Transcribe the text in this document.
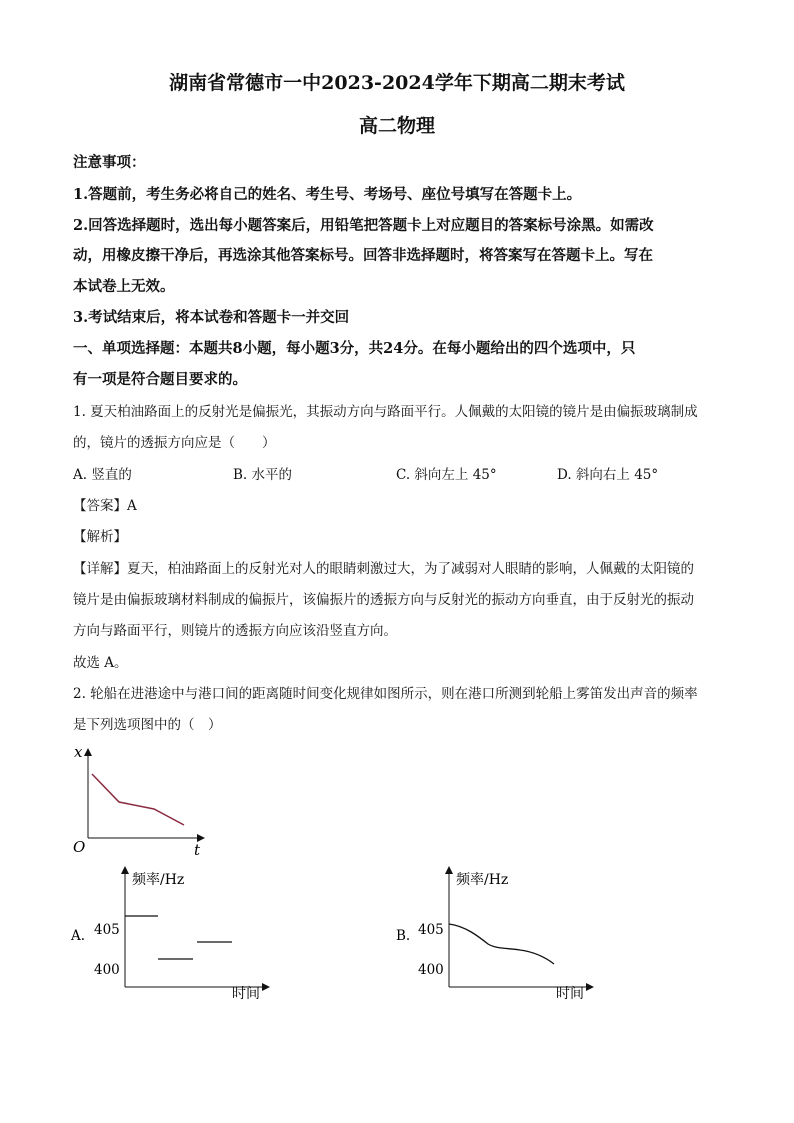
湖南省常德市一中2023-2024学年下期高二期末考试
高二物理
注意事项：
1.答题前，考生务必将自己的姓名、考生号、考场号、座位号填写在答题卡上。
2.回答选择题时，选出每小题答案后，用铅笔把答题卡上对应题目的答案标号涂黑。如需改
动，用橡皮擦干净后，再选涂其他答案标号。回答非选择题时，将答案写在答题卡上。写在
本试卷上无效。
3.考试结束后，将本试卷和答题卡一并交回
一、单项选择题：本题共8小题，每小题3分，共24分。在每小题给出的四个选项中，只
有一项是符合题目要求的。
1. 夏天柏油路面上的反射光是偏振光，其振动方向与路面平行。人佩戴的太阳镜的镜片是由偏振玻璃制成
的，镜片的透振方向应是（　　）
A. 竖直的	B. 水平的	C. 斜向左上 45°	D. 斜向右上 45°
【答案】A
【解析】
【详解】夏天，柏油路面上的反射光对人的眼睛刺激过大，为了减弱对人眼睛的影响，人佩戴的太阳镜的
镜片是由偏振玻璃材料制成的偏振片，该偏振片的透振方向与反射光的振动方向垂直，由于反射光的振动
方向与路面平行，则镜片的透振方向应该沿竖直方向。
故选 A。
2. 轮船在进港途中与港口间的距离随时间变化规律如图所示，则在港口所测到轮船上雾笛发出声音的频率
是下列选项图中的（　）
x
t
O
频率/Hz
405
400
A.
时间
频率/Hz
405
400
B.
时间
